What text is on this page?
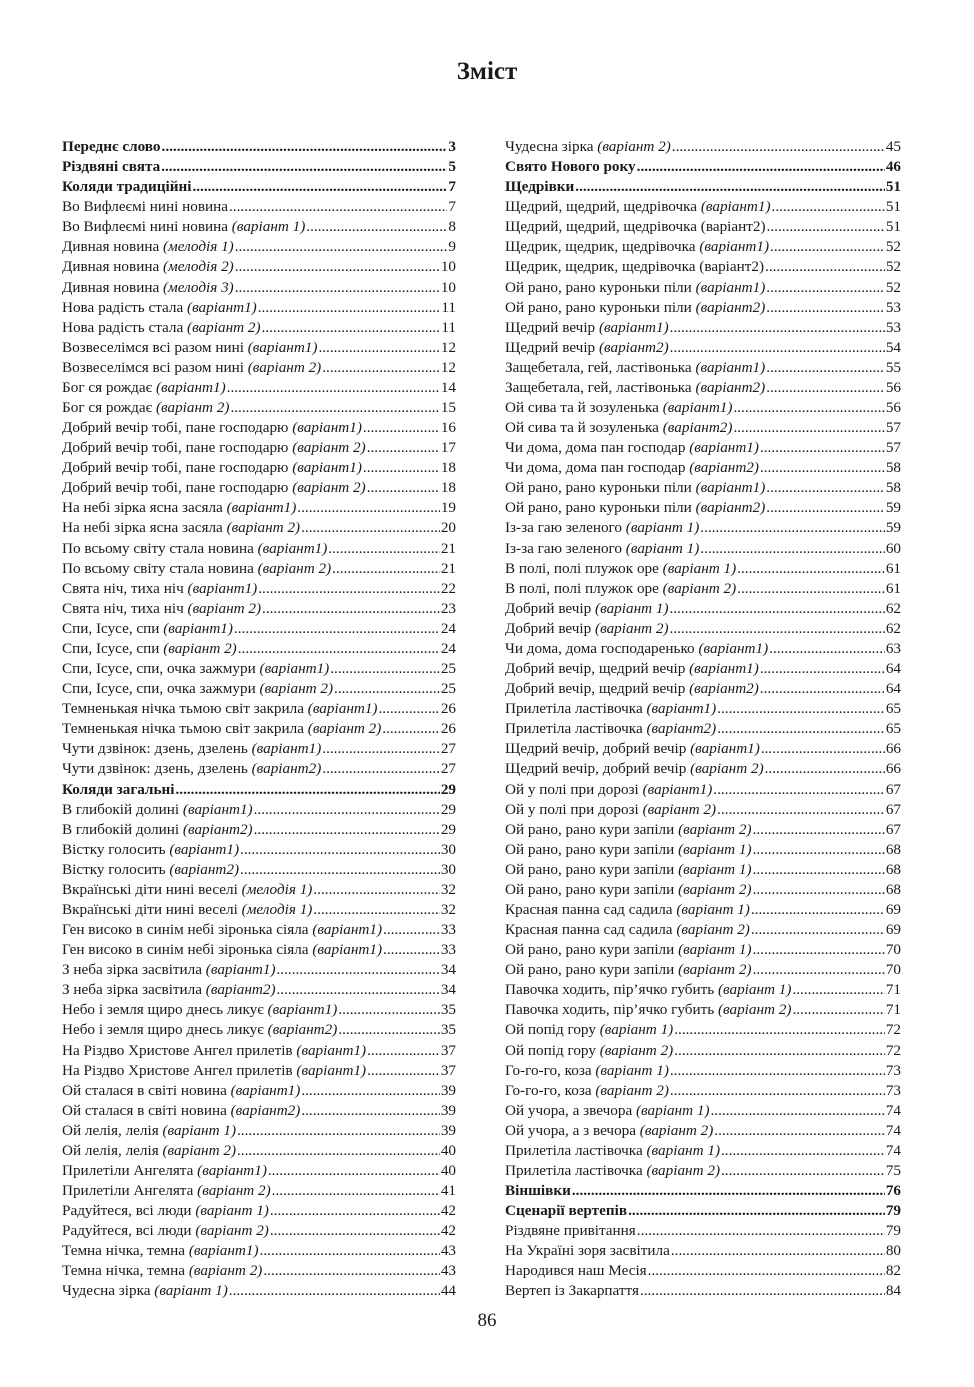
Зміст
Переднє слово .....	3
Різдвяні свята .....	5
Коляди традиційні .....	7
Во Вифлеємі нині новина .....	7
Во Вифлеємі нині новина (варіант 1) .....	8
Дивная новина (мелодія 1) .....	9
Дивная новина (мелодія 2) .....	10
Дивная новина (мелодія 3) .....	10
Нова радість стала (варіант1) .....	11
Нова радість стала (варіант 2) .....	11
Возвеселімся всі разом нині (варіант1) .....	12
Возвеселімся всі разом нині (варіант 2) .....	12
Бог ся рождає (варіант1) .....	14
Бог ся рождає (варіант 2) .....	15
Добрий вечір тобі, пане господарю (варіант1) .....	16
Добрий вечір тобі, пане господарю (варіант 2) .....	17
Добрий вечір тобі, пане господарю (варіант1) .....	18
Добрий вечір тобі, пане господарю (варіант 2) .....	18
На небі зірка ясна засяла (варіант1) .....	19
На небі зірка ясна засяла (варіант 2) .....	20
По всьому світу стала новина (варіант1) .....	21
По всьому світу стала новина (варіант 2) .....	21
Свята ніч, тиха ніч (варіант1) .....	22
Свята ніч, тиха ніч (варіант 2) .....	23
Спи, Ісусе, спи (варіант1) .....	24
Спи, Ісусе, спи (варіант 2) .....	24
Спи, Ісусе, спи, очка зажмури (варіант1) .....	25
Спи, Ісусе, спи, очка зажмури (варіант 2) .....	25
Темненькая нічка тьмою світ закрила (варіант1) .....	26
Темненькая нічка тьмою світ закрила (варіант 2) .....	26
Чути дзвінок: дзень, дзелень (варіант1) .....	27
Чути дзвінок: дзень, дзелень (варіант2) .....	27
Коляди загальні .....	29
В глибокій долині (варіант1) .....	29
В глибокій долині (варіант2) .....	29
Вістку голосить (варіант1) .....	30
Вістку голосить (варіант2) .....	30
Вкраїнські діти нині веселі (мелодія 1) .....	32
Вкраїнські діти нині веселі (мелодія 1) .....	32
Ген високо в синім небі зіронька сіяла (варіант1) .....	33
Ген високо в синім небі зіронька сіяла (варіант1) .....	33
З неба зірка засвітила (варіант1) .....	34
З неба зірка засвітила (варіант2) .....	34
Небо і земля щиро днесь ликує (варіант1) .....	35
Небо і земля щиро днесь ликує (варіант2) .....	35
На Різдво Христове Ангел прилетів (варіант1) .....	37
На Різдво Христове Ангел прилетів (варіант1) .....	37
Ой сталася в світі новина (варіант1) .....	39
Ой сталася в світі новина (варіант2) .....	39
Ой лелія, лелія (варіант 1) .....	39
Ой лелія, лелія (варіант 2) .....	40
Прилетіли Ангелята (варіант1) .....	40
Прилетіли Ангелята (варіант 2) .....	41
Радуйтеся, всі люди (варіант 1) .....	42
Радуйтеся, всі люди (варіант 2) .....	42
Темна нічка, темна (варіант1) .....	43
Темна нічка, темна (варіант 2) .....	43
Чудесна зірка (варіант 1) .....	44
Чудесна зірка (варіант 2) .....	45
Свято Нового року .....	46
Щедрівки .....	51
Щедрий, щедрий, щедрівочка (варіант1) .....	51
Щедрий, щедрий, щедрівочка (варіант2) .....	51
Щедрик, щедрик, щедрівочка (варіант1) .....	52
Щедрик, щедрик, щедрівочка (варіант2) .....	52
Ой рано, рано куроньки піли (варіант1) .....	52
Ой рано, рано куроньки піли (варіант2) .....	53
Щедрий вечір (варіант1) .....	53
Щедрий вечір (варіант2) .....	54
Защебетала, гей, ластівонька (варіант1) .....	55
Защебетала, гей, ластівонька (варіант2) .....	56
Ой сива та й зозуленька (варіант1) .....	56
Ой сива та й зозуленька (варіант2) .....	57
Чи дома, дома пан господар (варіант1) .....	57
Чи дома, дома пан господар (варіант2) .....	58
Ой рано, рано куроньки піли (варіант1) .....	58
Ой рано, рано куроньки піли (варіант2) .....	59
Із-за гаю зеленого (варіант 1) .....	59
Із-за гаю зеленого (варіант 1) .....	60
В полі, полі плужок оре (варіант 1) .....	61
В полі, полі плужок оре (варіант 2) .....	61
Добрий вечір (варіант 1) .....	62
Добрий вечір (варіант 2) .....	62
Чи дома, дома господаренько (варіант1) .....	63
Добрий вечір, щедрий вечір (варіант1) .....	64
Добрий вечір, щедрий вечір (варіант2) .....	64
Прилетіла ластівочка (варіант1) .....	65
Прилетіла ластівочка (варіант2) .....	65
Щедрий вечір, добрий вечір (варіант1) .....	66
Щедрий вечір, добрий вечір (варіант 2) .....	66
Ой у полі при дорозі (варіант1) .....	67
Ой у полі при дорозі (варіант 2) .....	67
Ой рано, рано кури запіли (варіант 2) .....	67
Ой рано, рано кури запіли (варіант 1) .....	68
Ой рано, рано кури запіли (варіант 1) .....	68
Ой рано, рано кури запіли (варіант 2) .....	68
Красная панна сад садила (варіант 1) .....	69
Красная панна сад садила (варіант 2) .....	69
Ой рано, рано кури запіли (варіант 1) .....	70
Ой рано, рано кури запіли (варіант 2) .....	70
Павочка ходить, пір’ячко губить (варіант 1) .....	71
Павочка ходить, пір’ячко губить (варіант 2) .....	71
Ой попід гору (варіант 1) .....	72
Ой попід гору (варіант 2) .....	72
Го-го-го, коза (варіант 1) .....	73
Го-го-го, коза (варіант 2) .....	73
Ой учора, а звечора (варіант 1) .....	74
Ой учора, а з вечора (варіант 2) .....	74
Прилетіла ластівочка (варіант 1) .....	74
Прилетіла ластівочка (варіант 2) .....	75
Віншівки .....	76
Сценарії вертепів .....	79
Різдвяне привітання .....	79
На Україні зоря засвітила .....	80
Народився наш Месія .....	82
Вертеп із Закарпаття .....	84
86
